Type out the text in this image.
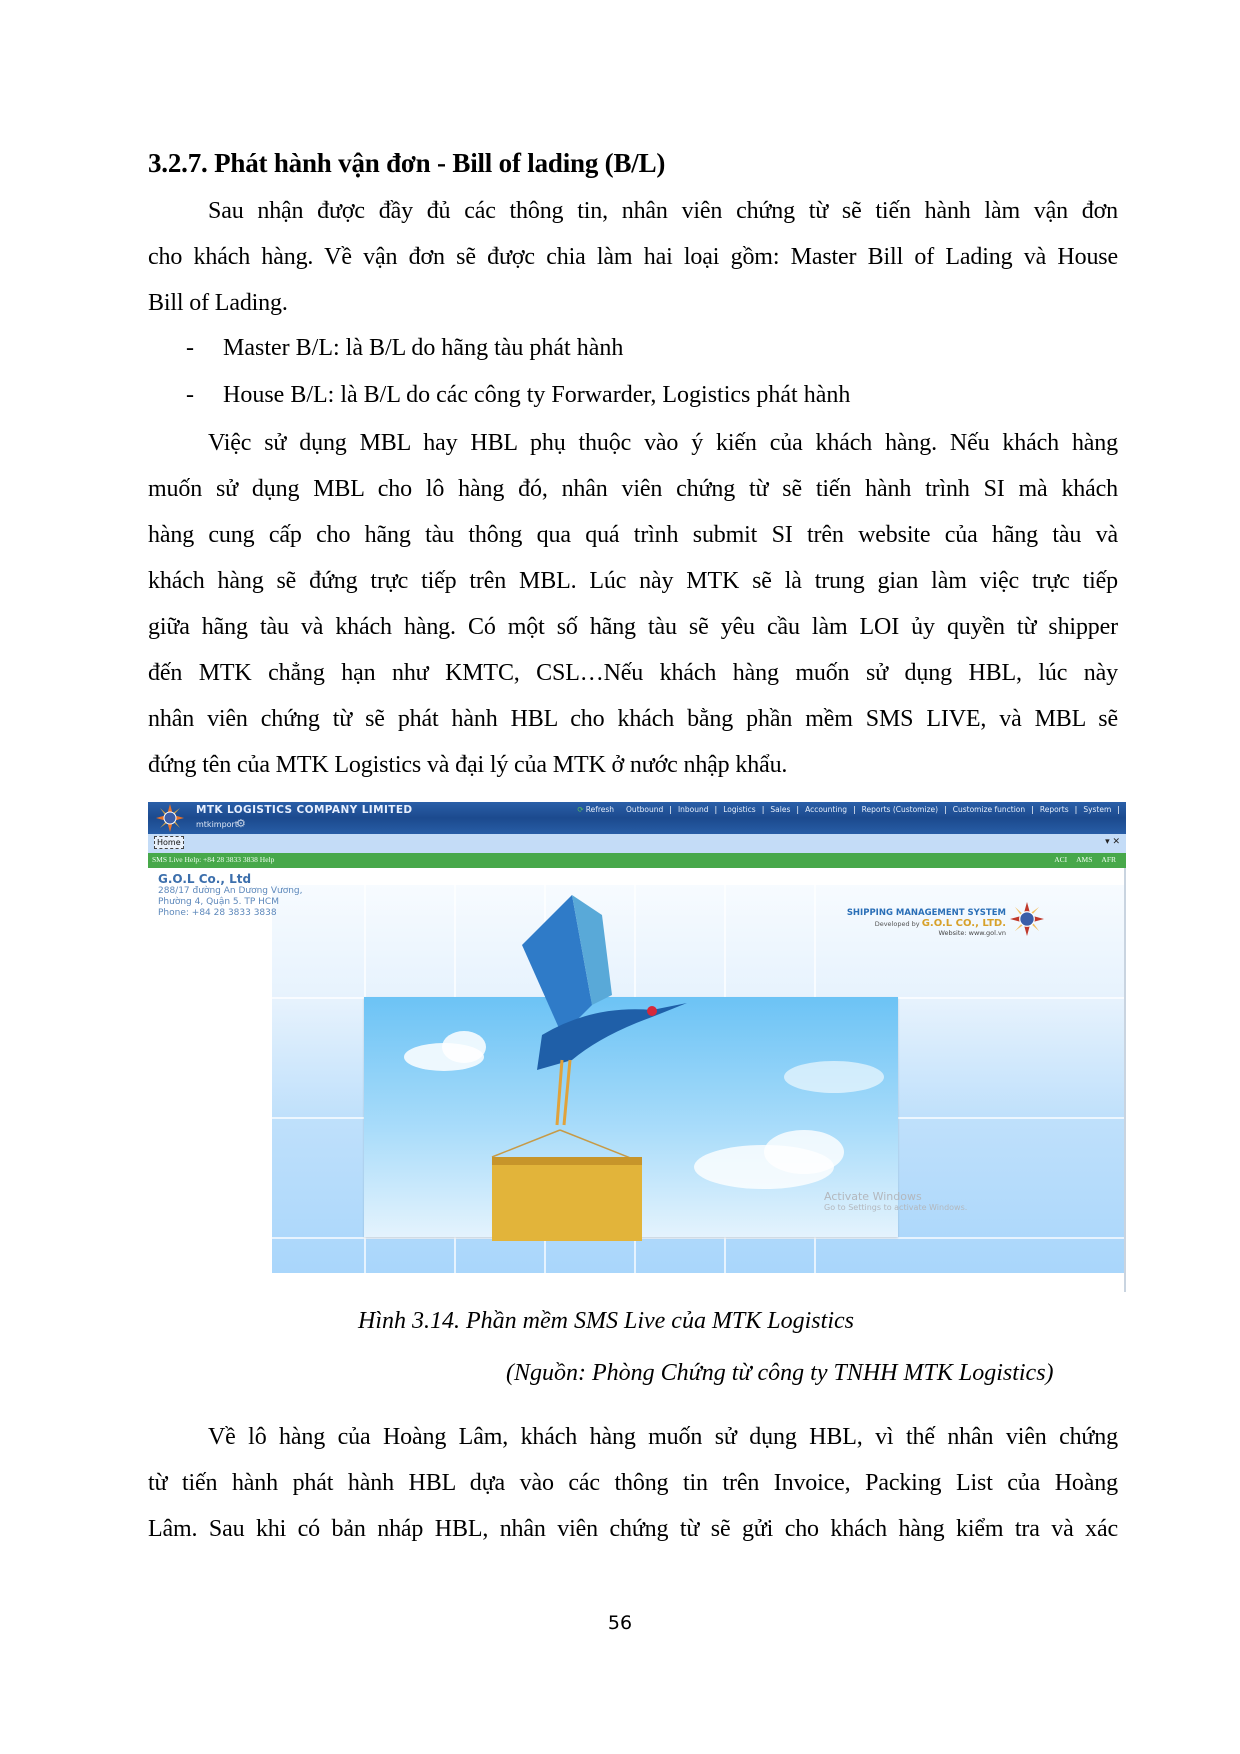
3.2.7. Phát hành vận đơn - Bill of lading (B/L)
Sau nhận được đầy đủ các thông tin, nhân viên chứng từ sẽ tiến hành làm vận đơn
cho khách hàng. Về vận đơn sẽ được chia làm hai loại gồm: Master Bill of Lading và House
Bill of Lading.
- Master B/L: là B/L do hãng tàu phát hành
- House B/L: là B/L do các công ty Forwarder, Logistics phát hành
Việc sử dụng MBL hay HBL phụ thuộc vào ý kiến của khách hàng. Nếu khách hàng
muốn sử dụng MBL cho lô hàng đó, nhân viên chứng từ sẽ tiến hành trình SI mà khách
hàng cung cấp cho hãng tàu thông qua quá trình submit SI trên website của hãng tàu và
khách hàng sẽ đứng trực tiếp trên MBL. Lúc này MTK sẽ là trung gian làm việc trực tiếp
giữa hãng tàu và khách hàng. Có một số hãng tàu sẽ yêu cầu làm LOI ủy quyền từ shipper
đến MTK chẳng hạn như KMTC, CSL…Nếu khách hàng muốn sử dụng HBL, lúc này
nhân viên chứng từ sẽ phát hành HBL cho khách bằng phần mềm SMS LIVE, và MBL sẽ
đứng tên của MTK Logistics và đại lý của MTK ở nước nhập khẩu.
MTK LOGISTICS COMPANY LIMITED
mtkimport
⚙
⟳ Refresh	Outbound | Inbound | Logistics | Sales | Accounting | Reports (Customize) | Customize function | Reports | System |
Home	▾ ✕
SMS Live Help: +84 28 3833 3838 Help	ACI AMS AFR
G.O.L Co., Ltd
288/17 đường An Dương Vương,
Phường 4, Quận 5. TP HCM
Phone: +84 28 3833 3838	SHIPPING MANAGEMENT SYSTEM
Developed by G.O.L CO., LTD.
Website: www.gol.vn
Activate Windows
Go to Settings to activate Windows.
Hình 3.14. Phần mềm SMS Live của MTK Logistics
(Nguồn: Phòng Chứng từ công ty TNHH MTK Logistics)
Về lô hàng của Hoàng Lâm, khách hàng muốn sử dụng HBL, vì thế nhân viên chứng
từ tiến hành phát hành HBL dựa vào các thông tin trên Invoice, Packing List của Hoàng
Lâm. Sau khi có bản nháp HBL, nhân viên chứng từ sẽ gửi cho khách hàng kiểm tra và xác
56
